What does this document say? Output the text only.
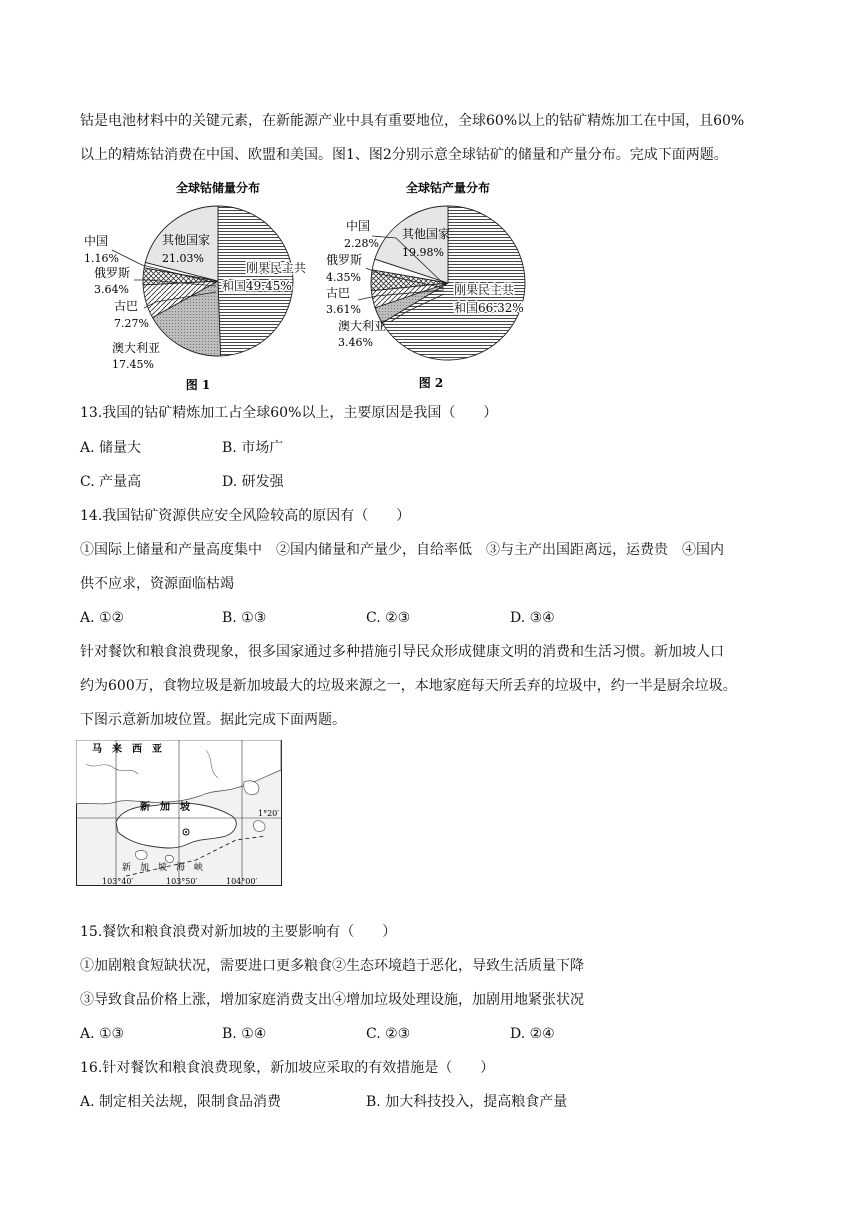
钴是电池材料中的关键元素，在新能源产业中具有重要地位，全球60%以上的钴矿精炼加工在中国，且60%
以上的精炼钴消费在中国、欧盟和美国。图1、图2分别示意全球钴矿的储量和产量分布。完成下面两题。
全球钴储量分布
其他国家
21.03%
刚果民主共
和国49.45%
中国
1.16%
俄罗斯
3.64%
古巴
7.27%
澳大利亚
17.45%
图 1
全球钴产量分布
其他国家
19.98%
刚果民主共
和国66.32%
中国
2.28%
俄罗斯
4.35%
古巴
3.61%
澳大利亚
3.46%
图 2
13.我国的钴矿精炼加工占全球60%以上，主要原因是我国（　　）
A. 储量大	B. 市场广
C. 产量高	D. 研发强
14.我国钴矿资源供应安全风险较高的原因有（　　）
①国际上储量和产量高度集中　②国内储量和产量少，自给率低　③与主产出国距离远，运费贵　④国内
供不应求，资源面临枯竭
A. ①②	B. ①③	C. ②③	D. ③④
针对餐饮和粮食浪费现象，很多国家通过多种措施引导民众形成健康文明的消费和生活习惯。新加坡人口
约为600万，食物垃圾是新加坡最大的垃圾来源之一，本地家庭每天所丢弃的垃圾中，约一半是厨余垃圾。
下图示意新加坡位置。据此完成下面两题。
马　来　西　亚
新　加　坡
新　加　坡　海　峡
1°20′
103°40′	103°50′	104°00′
15.餐饮和粮食浪费对新加坡的主要影响有（　　）
①加剧粮食短缺状况，需要进口更多粮食②生态环境趋于恶化，导致生活质量下降
③导致食品价格上涨，增加家庭消费支出④增加垃圾处理设施，加剧用地紧张状况
A. ①③	B. ①④	C. ②③	D. ②④
16.针对餐饮和粮食浪费现象，新加坡应采取的有效措施是（　　）
A. 制定相关法规，限制食品消费	B. 加大科技投入，提高粮食产量
